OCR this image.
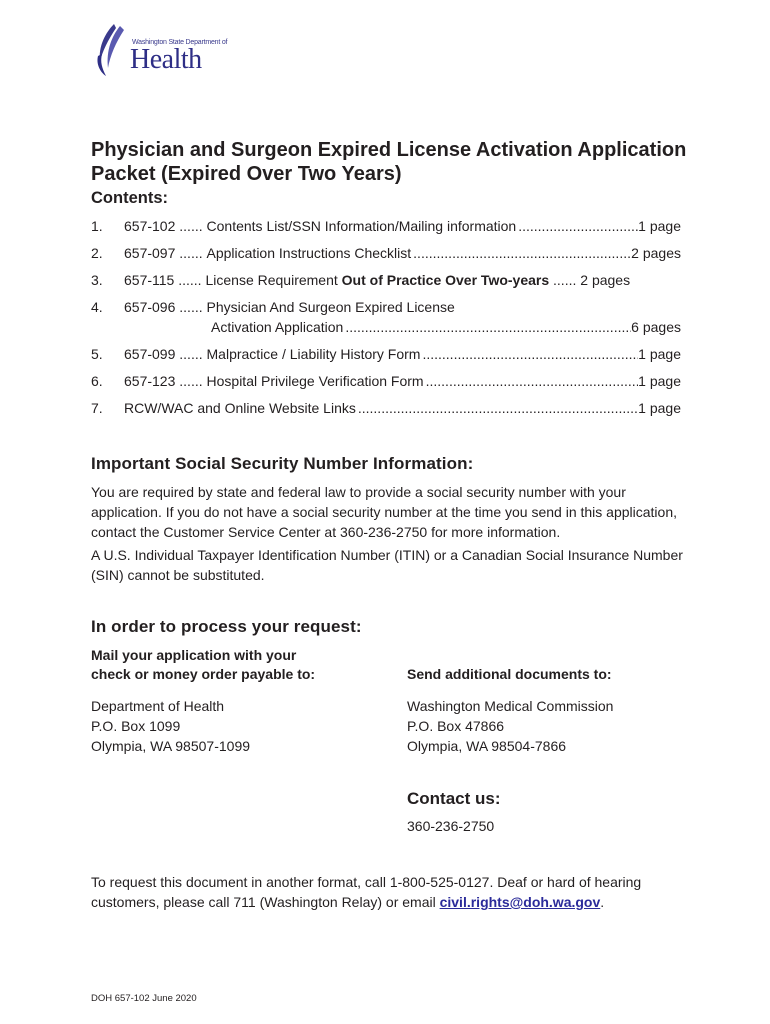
Washington State Department of
Health
Physician and Surgeon Expired License Activation Application Packet (Expired Over Two Years)
Contents:
1. 657-102 ...... Contents List/SSN Information/Mailing information .....	1 page
2. 657-097 ...... Application Instructions Checklist .....	2 pages
3. 657-115 ...... License Requirement Out of Practice Over Two-years ...... 2 pages
4. 657-096 ...... Physician And Surgeon Expired License
Activation Application .....	6 pages
5. 657-099 ...... Malpractice / Liability History Form .....	1 page
6. 657-123 ...... Hospital Privilege Verification Form .....	1 page
7. RCW/WAC and Online Website Links .....	1 page
Important Social Security Number Information:

You are required by state and federal law to provide a social security number with your application. If you do not have a social security number at the time you send in this application, contact the Customer Service Center at 360-236-2750 for more information.

A U.S. Individual Taxpayer Identification Number (ITIN) or a Canadian Social Insurance Number (SIN) cannot be substituted.

In order to process your request:

Mail your application with your
check or money order payable to:

Department of Health
P.O. Box 1099
Olympia, WA 98507-1099

Send additional documents to:

Washington Medical Commission
P.O. Box 47866
Olympia, WA 98504-7866

Contact us:

360-236-2750

To request this document in another format, call 1-800-525-0127. Deaf or hard of hearing customers, please call 711 (Washington Relay) or email civil.rights@doh.wa.gov.

DOH 657-102 June 2020
